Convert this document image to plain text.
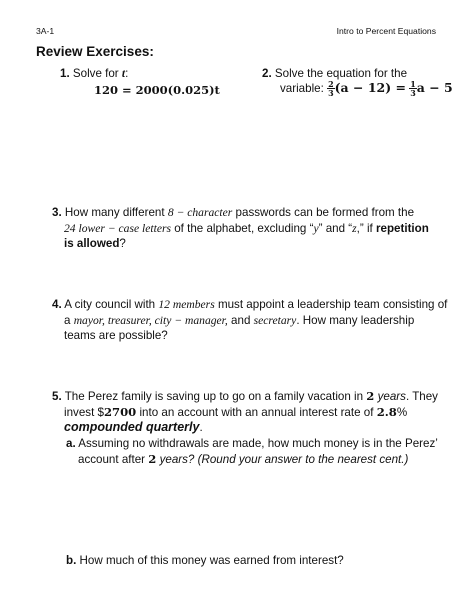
3A-1	Intro to Percent Equations
Review Exercises:
1. Solve for t:
120 = 2000(0.025)t
2. Solve the equation for the
variable: $\frac{2}{3} (a - 12) = \frac{1}{3}$ a − 5
3. How many different 8 − character passwords can be formed from the
24 lower − case letters of the alphabet, excluding “y” and “z,” if repetition
is allowed?
4. A city council with 12 members must appoint a leadership team consisting of
a mayor, treasurer, city − manager, and secretary. How many leadership
teams are possible?
5. The Perez family is saving up to go on a family vacation in 2 years. They
invest $2700 into an account with an annual interest rate of 2.8%
compounded quarterly.
a. Assuming no withdrawals are made, how much money is in the Perez’
account after 2 years? (Round your answer to the nearest cent.)
b. How much of this money was earned from interest?
